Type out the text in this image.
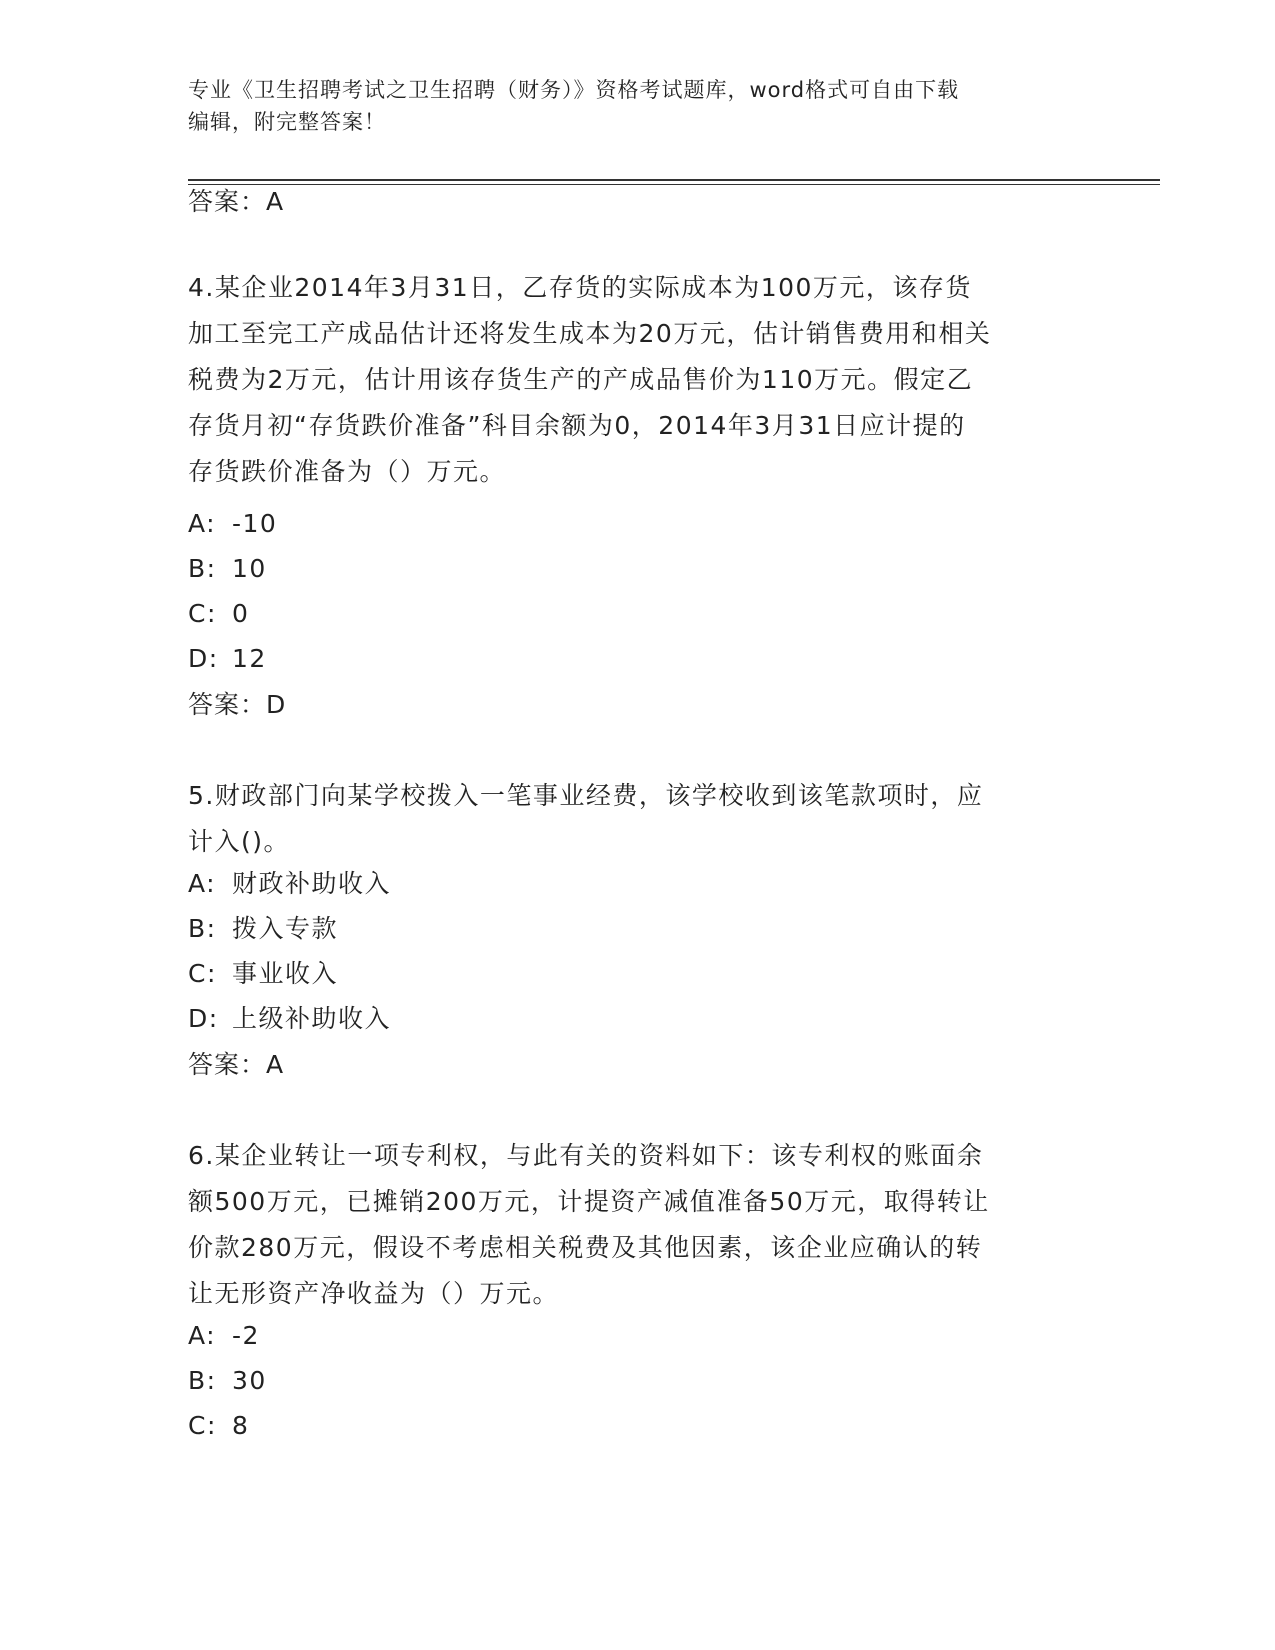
专业《卫生招聘考试之卫生招聘（财务）》资格考试题库，word格式可自由下载
编辑，附完整答案！
答案：A
4.某企业2014年3月31日，乙存货的实际成本为100万元，该存货
加工至完工产成品估计还将发生成本为20万元，估计销售费用和相关
税费为2万元，估计用该存货生产的产成品售价为110万元。假定乙
存货月初“存货跌价准备”科目余额为0，2014年3月31日应计提的
存货跌价准备为（）万元。
A: -10
B: 10
C: 0
D: 12
答案：D
5.财政部门向某学校拨入一笔事业经费，该学校收到该笔款项时，应
计入()。
A: 财政补助收入
B: 拨入专款
C: 事业收入
D: 上级补助收入
答案：A
6.某企业转让一项专利权，与此有关的资料如下：该专利权的账面余
额500万元，已摊销200万元，计提资产减值准备50万元，取得转让
价款280万元，假设不考虑相关税费及其他因素，该企业应确认的转
让无形资产净收益为（）万元。
A: -2
B: 30
C: 8
